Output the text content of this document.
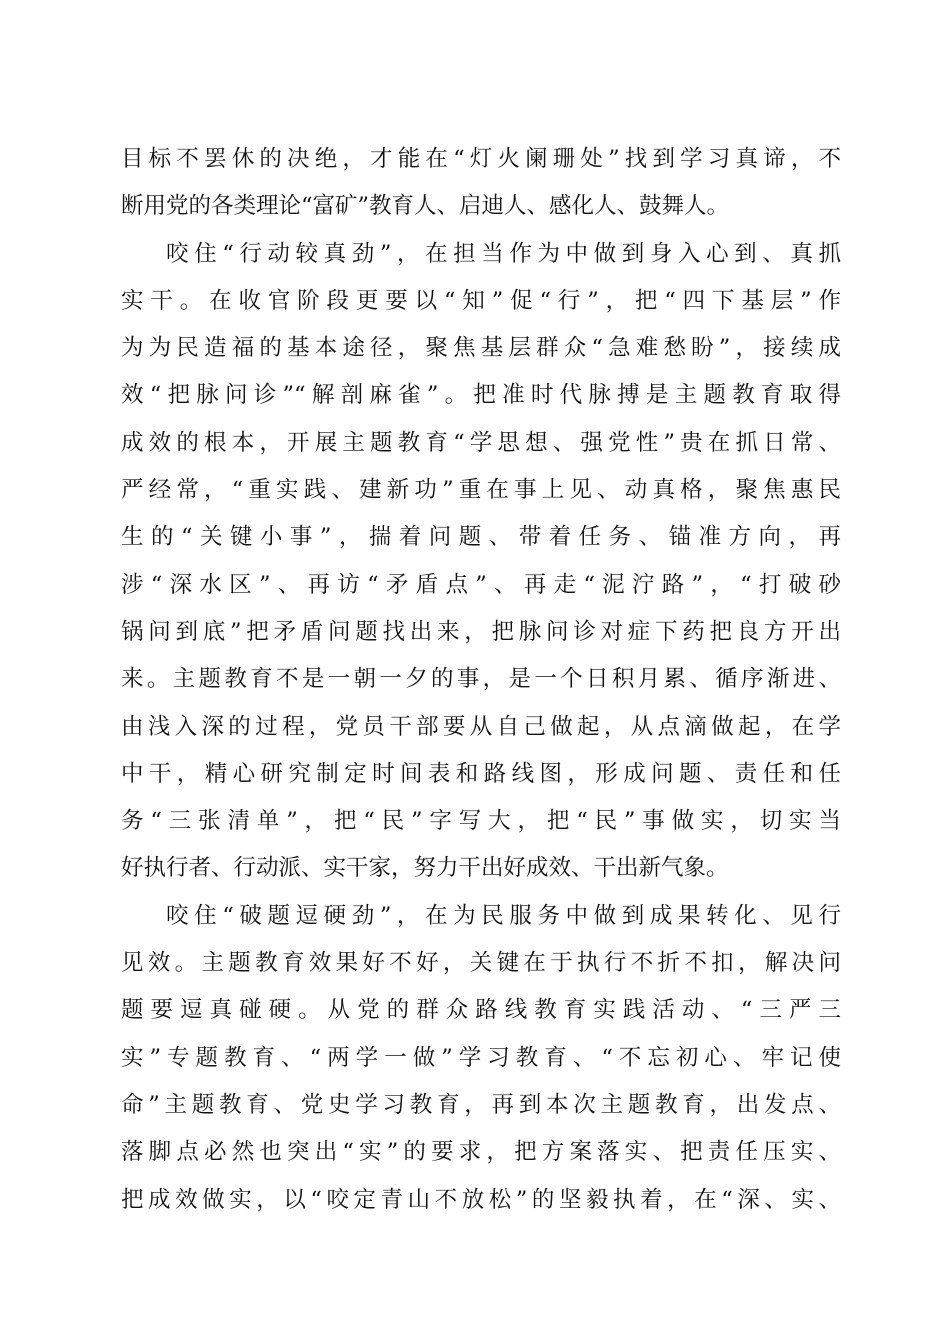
目标不罢休的决绝，才能在“灯火阑珊处”找到学习真谛，不
断用党的各类理论“富矿”教育人、启迪人、感化人、鼓舞人。
咬住“行动较真劲”，在担当作为中做到身入心到、真抓
实干。在收官阶段更要以“知”促“行”，把“四下基层”作
为为民造福的基本途径，聚焦基层群众“急难愁盼”，接续成
效“把脉问诊”“解剖麻雀”。把准时代脉搏是主题教育取得
成效的根本，开展主题教育“学思想、强党性”贵在抓日常、
严经常，“重实践、建新功”重在事上见、动真格，聚焦惠民
生的“关键小事”，揣着问题、带着任务、锚准方向，再
涉“深水区”、再访“矛盾点”、再走“泥泞路”，“打破砂
锅问到底”把矛盾问题找出来，把脉问诊对症下药把良方开出
来。主题教育不是一朝一夕的事，是一个日积月累、循序渐进、
由浅入深的过程，党员干部要从自己做起，从点滴做起，在学
中干，精心研究制定时间表和路线图，形成问题、责任和任
务“三张清单”，把“民”字写大，把“民”事做实，切实当
好执行者、行动派、实干家，努力干出好成效、干出新气象。
咬住“破题逗硬劲”，在为民服务中做到成果转化、见行
见效。主题教育效果好不好，关键在于执行不折不扣，解决问
题要逗真碰硬。从党的群众路线教育实践活动、“三严三
实”专题教育、“两学一做”学习教育、“不忘初心、牢记使
命”主题教育、党史学习教育，再到本次主题教育，出发点、
落脚点必然也突出“实”的要求，把方案落实、把责任压实、
把成效做实，以“咬定青山不放松”的坚毅执着，在“深、实、
